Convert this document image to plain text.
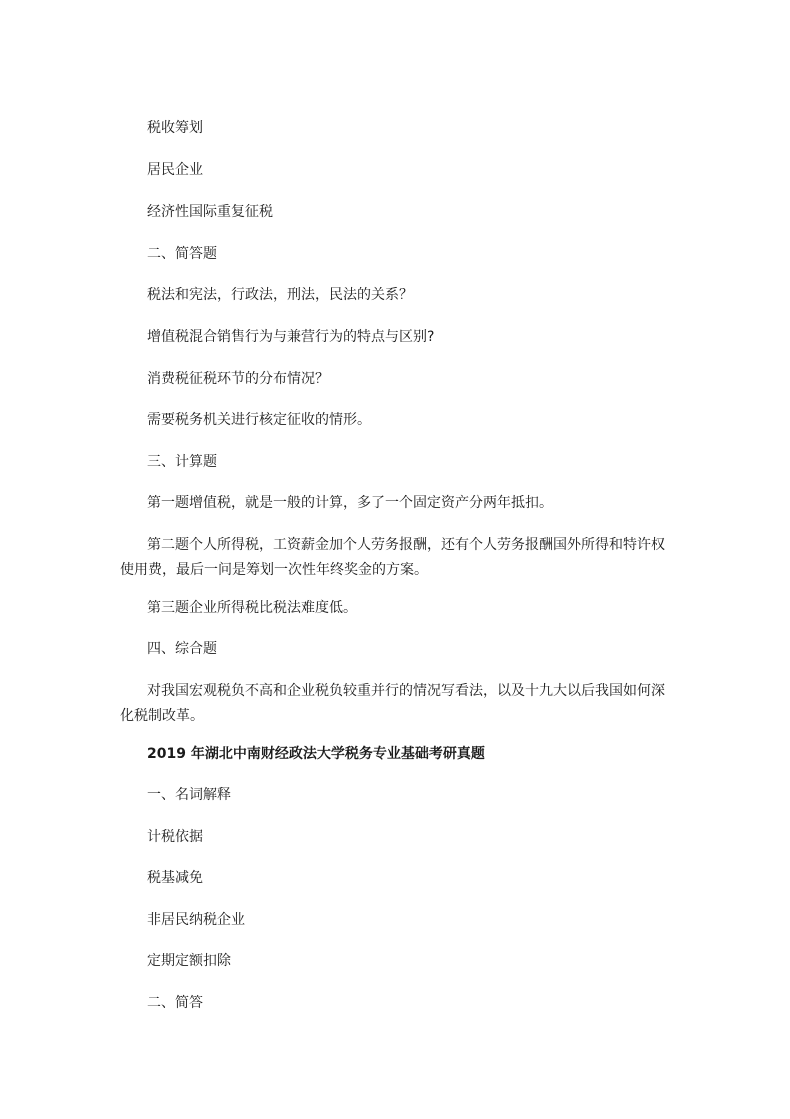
税收筹划

居民企业

经济性国际重复征税

二、简答题

税法和宪法，行政法，刑法，民法的关系？

增值税混合销售行为与兼营行为的特点与区别?

消费税征税环节的分布情况？

需要税务机关进行核定征收的情形。

三、计算题

第一题增值税，就是一般的计算，多了一个固定资产分两年抵扣。

第二题个人所得税，工资薪金加个人劳务报酬，还有个人劳务报酬国外所得和特许权使用费，最后一问是筹划一次性年终奖金的方案。

第三题企业所得税比税法难度低。

四、综合题

对我国宏观税负不高和企业税负较重并行的情况写看法，以及十九大以后我国如何深化税制改革。

2019 年湖北中南财经政法大学税务专业基础考研真题

一、名词解释

计税依据

税基减免

非居民纳税企业

定期定额扣除

二、简答
